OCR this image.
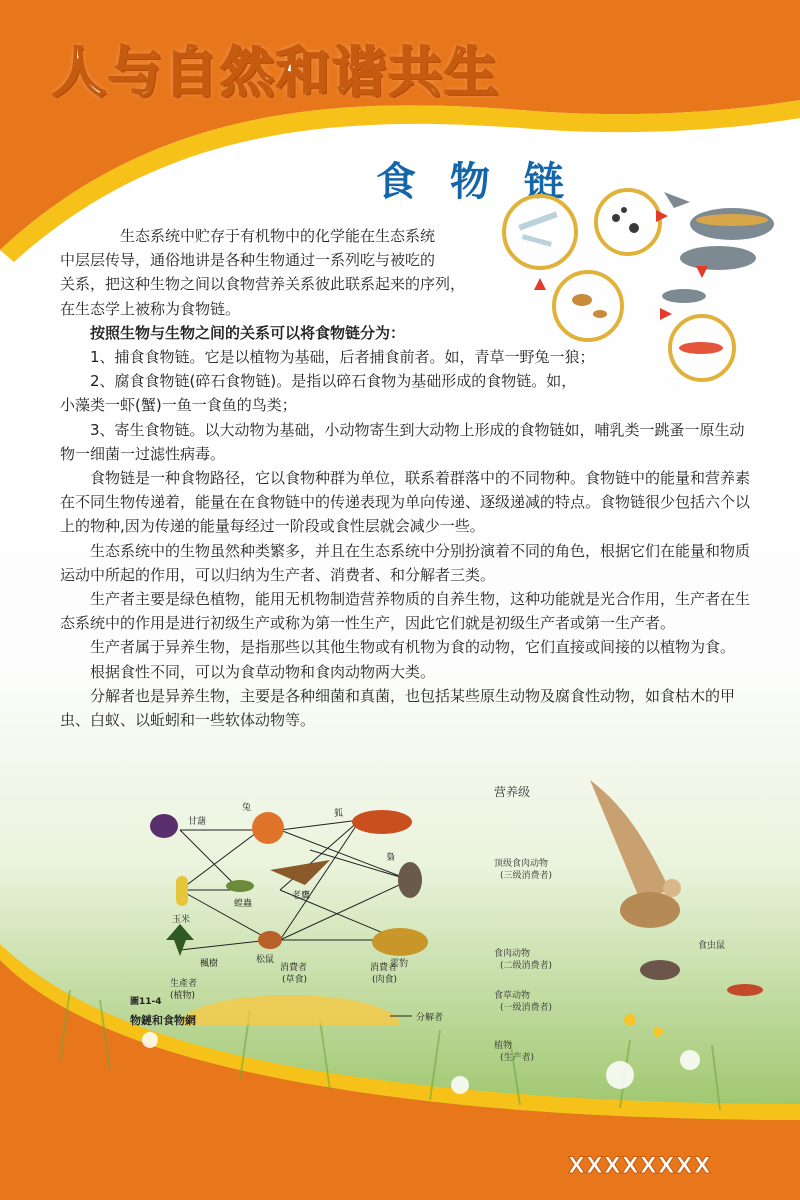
人与自然和谐共生
食 物 链

生态系统中贮存于有机物中的化学能在生态系统

中层层传导，通俗地讲是各种生物通过一系列吃与被吃的

关系，把这种生物之间以食物营养关系彼此联系起来的序列，

在生态学上被称为食物链。

按照生物与生物之间的关系可以将食物链分为：

1、捕食食物链。它是以植物为基础，后者捕食前者。如，青草一野兔一狼；

2、腐食食物链(碎石食物链)。是指以碎石食物为基础形成的食物链。如，

小藻类一虾(蟹)一鱼一食鱼的鸟类；

3、寄生食物链。以大动物为基础，小动物寄生到大动物上形成的食物链如，哺乳类一跳蚤一原生动物一细菌一过滤性病毒。

食物链是一种食物路径，它以食物种群为单位，联系着群落中的不同物种。食物链中的能量和营养素在不同生物传递着，能量在在食物链中的传递表现为单向传递、逐级递减的特点。食物链很少包括六个以上的物种,因为传递的能量每经过一阶段或食性层就会减少一些。

生态系统中的生物虽然种类繁多，并且在生态系统中分别扮演着不同的角色，根据它们在能量和物质运动中所起的作用，可以归纳为生产者、消费者、和分解者三类。

生产者主要是绿色植物，能用无机物制造营养物质的自养生物，这种功能就是光合作用，生产者在生态系统中的作用是进行初级生产或称为第一性生产，因此它们就是初级生产者或第一生产者。

生产者属于异养生物，是指那些以其他生物或有机物为食的动物，它们直接或间接的以植物为食。

根据食性不同，可以为食草动物和食肉动物两大类。

分解者也是异养生物，主要是各种细菌和真菌，也包括某些原生动物及腐食性动物，如食枯木的甲虫、白蚁、以蚯蚓和一些软体动物等。

甘藷
兔
狐
玉米
蝗蟲
老鷹
梟
楓樹	松鼠	雲豹
生產者
(植物)
消費者
(草食)
消費者
(肉食)
圖11-4
物鏈和食物網	分解者
营养级
食虫鼠
顶级食肉动物
(三级消费者)
食肉动物
(二级消费者)
食草动物
(一级消费者)
植物
(生产者)
XXXXXXXX
